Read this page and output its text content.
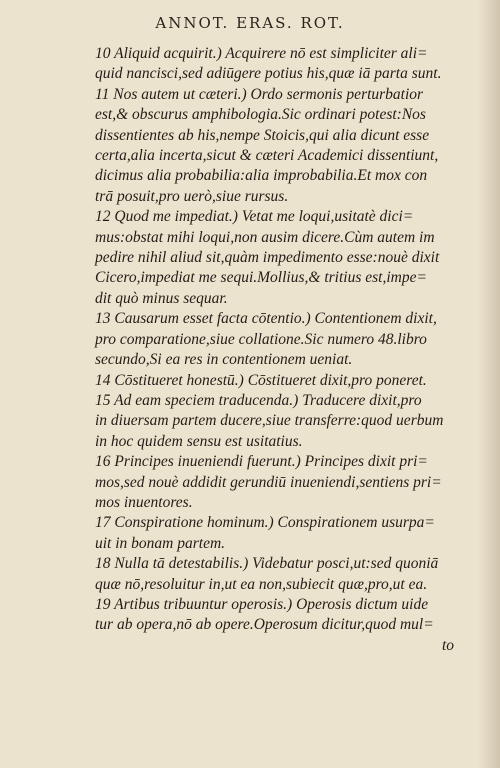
ANNOT. ERAS. ROT.
10 Aliquid acquirit.) Acquirere nō est simpliciter ali=
quid nancisci,sed adiūgere potius his,quæ iā parta sunt.
11 Nos autem ut cæteri.) Ordo sermonis perturbatior
est,& obscurus amphibologia.Sic ordinari potest:Nos
dissentientes ab his,nempe Stoicis,qui alia dicunt esse
certa,alia incerta,sicut & cæteri Academici dissentiunt,
dicimus alia probabilia:alia improbabilia.Et mox con
trā posuit,pro uerò,siue rursus.
12 Quod me impediat.) Vetat me loqui,usitatè dici=
mus:obstat mihi loqui,non ausim dicere.Cùm autem im
pedire nihil aliud sit,quàm impedimento esse:nouè dixit
Cicero,impediat me sequi.Mollius,& tritius est,impe=
dit quò minus sequar.
13 Causarum esset facta cōtentio.) Contentionem dixit,
pro comparatione,siue collatione.Sic numero 48.libro
secundo,Si ea res in contentionem ueniat.
14 Cōstitueret honestū.) Cōstitueret dixit,pro poneret.
15 Ad eam speciem traducenda.) Traducere dixit,pro
in diuersam partem ducere,siue transferre:quod uerbum
in hoc quidem sensu est usitatius.
16 Principes inueniendi fuerunt.) Principes dixit pri=
mos,sed nouè addidit gerundiū inueniendi,sentiens pri=
mos inuentores.
17 Conspiratione hominum.) Conspirationem usurpa=
uit in bonam partem.
18 Nulla tā detestabilis.) Videbatur posci,ut:sed quoniā
quæ nō,resoluitur in,ut ea non,subiecit quæ,pro,ut ea.
19 Artibus tribuuntur operosis.) Operosis dictum uide
tur ab opera,nō ab opere.Operosum dicitur,quod mul=
to
